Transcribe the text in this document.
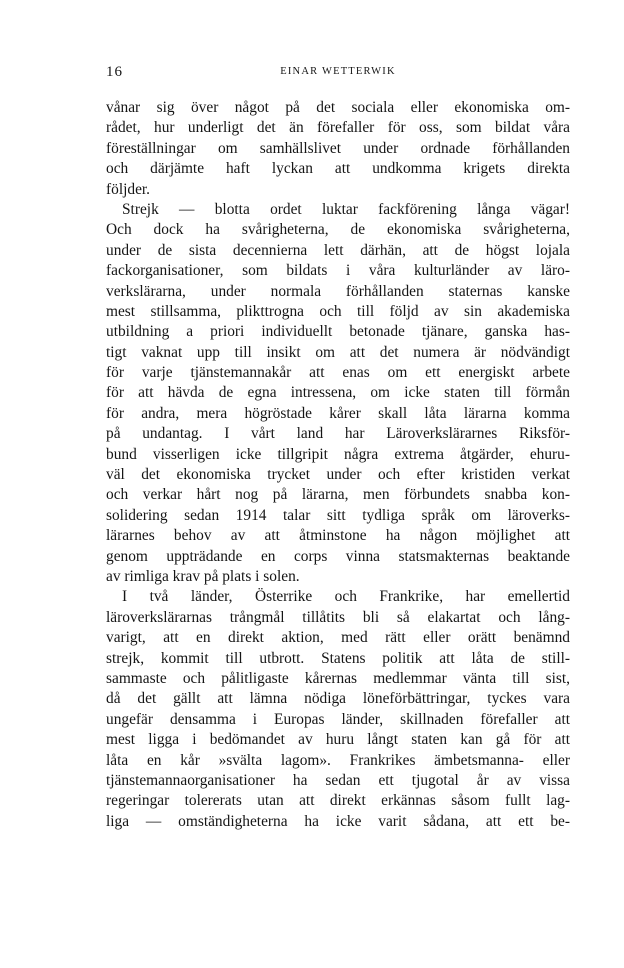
16	EINAR WETTERWIK
vånar sig över något på det sociala eller ekonomiska om-
rådet, hur underligt det än förefaller för oss, som bildat våra
föreställningar om samhällslivet under ordnade förhållanden
och därjämte haft lyckan att undkomma krigets direkta
följder.
Strejk — blotta ordet luktar fackförening långa vägar!
Och dock ha svårigheterna, de ekonomiska svårigheterna,
under de sista decennierna lett därhän, att de högst lojala
fackorganisationer, som bildats i våra kulturländer av läro-
verkslärarna, under normala förhållanden staternas kanske
mest stillsamma, plikttrogna och till följd av sin akademiska
utbildning a priori individuellt betonade tjänare, ganska has-
tigt vaknat upp till insikt om att det numera är nödvändigt
för varje tjänstemannakår att enas om ett energiskt arbete
för att hävda de egna intressena, om icke staten till förmån
för andra, mera högröstade kårer skall låta lärarna komma
på undantag. I vårt land har Läroverkslärarnes Riksför-
bund visserligen icke tillgripit några extrema åtgärder, ehuru-
väl det ekonomiska trycket under och efter kristiden verkat
och verkar hårt nog på lärarna, men förbundets snabba kon-
solidering sedan 1914 talar sitt tydliga språk om läroverks-
lärarnes behov av att åtminstone ha någon möjlighet att
genom uppträdande en corps vinna statsmakternas beaktande
av rimliga krav på plats i solen.
I två länder, Österrike och Frankrike, har emellertid
läroverkslärarnas trångmål tillåtits bli så elakartat och lång-
varigt, att en direkt aktion, med rätt eller orätt benämnd
strejk, kommit till utbrott. Statens politik att låta de still-
sammaste och pålitligaste kårernas medlemmar vänta till sist,
då det gällt att lämna nödiga löneförbättringar, tyckes vara
ungefär densamma i Europas länder, skillnaden förefaller att
mest ligga i bedömandet av huru långt staten kan gå för att
låta en kår »svälta lagom». Frankrikes ämbetsmanna- eller
tjänstemannaorganisationer ha sedan ett tjugotal år av vissa
regeringar tolererats utan att direkt erkännas såsom fullt lag-
liga — omständigheterna ha icke varit sådana, att ett be-
